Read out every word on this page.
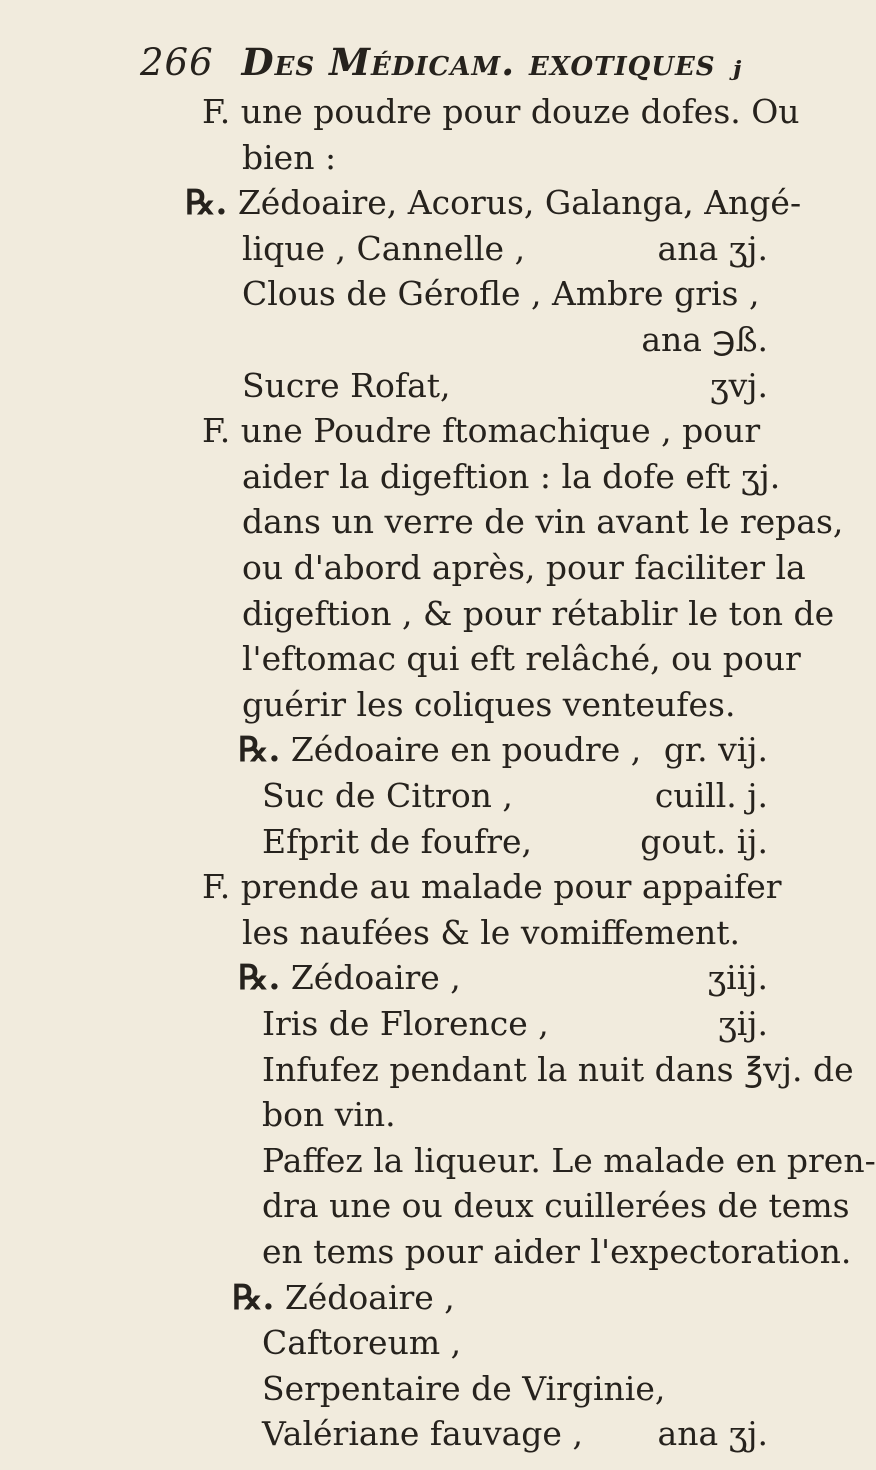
266 Des Médicam. exotiques ⱼ
F. une poudre pour douze dofes. Ou
bien :
℞. Zédoaire, Acorus, Galanga, Angé-
lique , Cannelle ,	ana ʒj.
Clous de Gérofle , Ambre gris ,
ana ℈ß.
Sucre Rofat,	ʒvj.
F. une Poudre ftomachique , pour
aider la digeftion : la dofe eft ʒj.
dans un verre de vin avant le repas,
ou d'abord après, pour faciliter la
digeftion , & pour rétablir le ton de
l'eftomac qui eft relâché, ou pour
guérir les coliques venteufes.
℞. Zédoaire en poudre , gr. vij.
Suc de Citron ,	cuill. j.
Efprit de foufre,	gout. ij.
F. prende au malade pour appaifer
les naufées & le vomiffement.
℞. Zédoaire ,	ʒiij.
Iris de Florence ,	ʒij.
Infufez pendant la nuit dans ℥vj. de
bon vin.
Paffez la liqueur. Le malade en pren-
dra une ou deux cuillerées de tems
en tems pour aider l'expectoration.
℞. Zédoaire ,
Caftoreum ,
Serpentaire de Virginie,
Valériane fauvage , ana ʒj.
